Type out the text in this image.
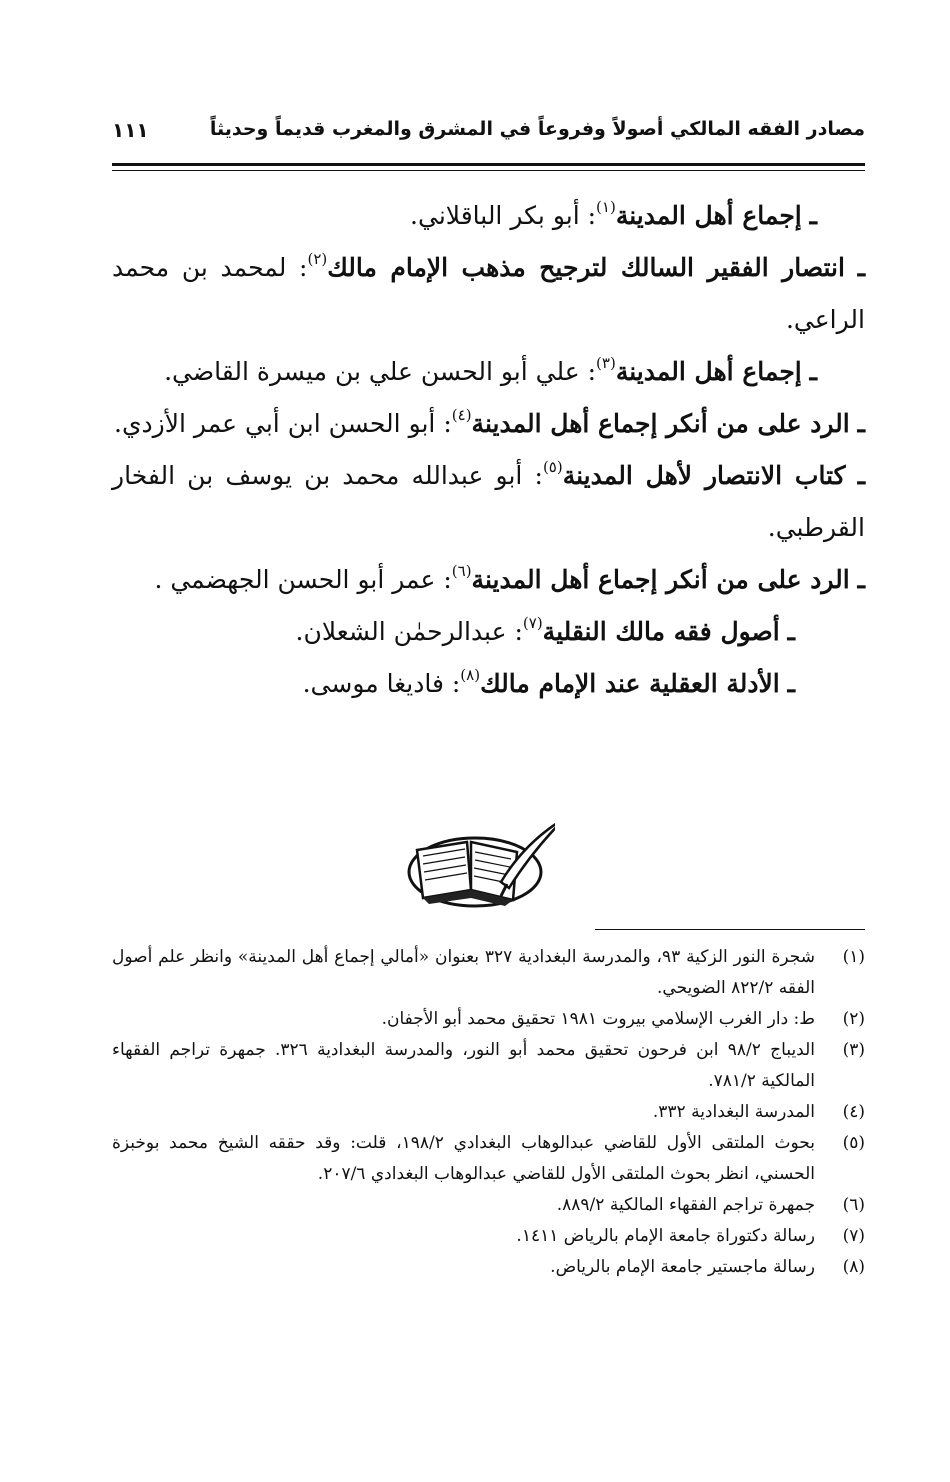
مصادر الفقه المالكي أصولاً وفروعاً في المشرق والمغرب قديماً وحديثاً
١١١

ـ إجماع أهل المدينة$^{(١)}$: أبو بكر الباقلاني.

ـ انتصار الفقير السالك لترجيح مذهب الإمام مالك$^{(٢)}$: لمحمد بن محمد الراعي.

ـ إجماع أهل المدينة$^{(٣)}$: علي أبو الحسن علي بن ميسرة القاضي.

ـ الرد على من أنكر إجماع أهل المدينة$^{(٤)}$: أبو الحسن ابن أبي عمر الأزدي.

ـ كتاب الانتصار لأهل المدينة$^{(٥)}$: أبو عبدالله محمد بن يوسف بن الفخار القرطبي.

ـ الرد على من أنكر إجماع أهل المدينة$^{(٦)}$: عمر أبو الحسن الجهضمي .

ـ أصول فقه مالك النقلية$^{(٧)}$: عبدالرحمٰن الشعلان.

ـ الأدلة العقلية عند الإمام مالك$^{(٨)}$: فاديغا موسى.

(١)
شجرة النور الزكية ٩٣، والمدرسة البغدادية ٣٢٧ بعنوان «أمالي إجماع أهل المدينة» وانظر علم أصول الفقه ٨٢٢/٢ الضويحي.
(٢)
ط: دار الغرب الإسلامي بيروت ١٩٨١ تحقيق محمد أبو الأجفان.
(٣)
الديباج ٩٨/٢ ابن فرحون تحقيق محمد أبو النور، والمدرسة البغدادية ٣٢٦. جمهرة تراجم الفقهاء المالكية ٧٨١/٢.
(٤)
المدرسة البغدادية ٣٣٢.
(٥)
بحوث الملتقى الأول للقاضي عبدالوهاب البغدادي ١٩٨/٢، قلت: وقد حققه الشيخ محمد بوخبزة الحسني، انظر بحوث الملتقى الأول للقاضي عبدالوهاب البغدادي ٢٠٧/٦.
(٦)
جمهرة تراجم الفقهاء المالكية ٨٨٩/٢.
(٧)
رسالة دكتوراة جامعة الإمام بالرياض ١٤١١.
(٨)
رسالة ماجستير جامعة الإمام بالرياض.
